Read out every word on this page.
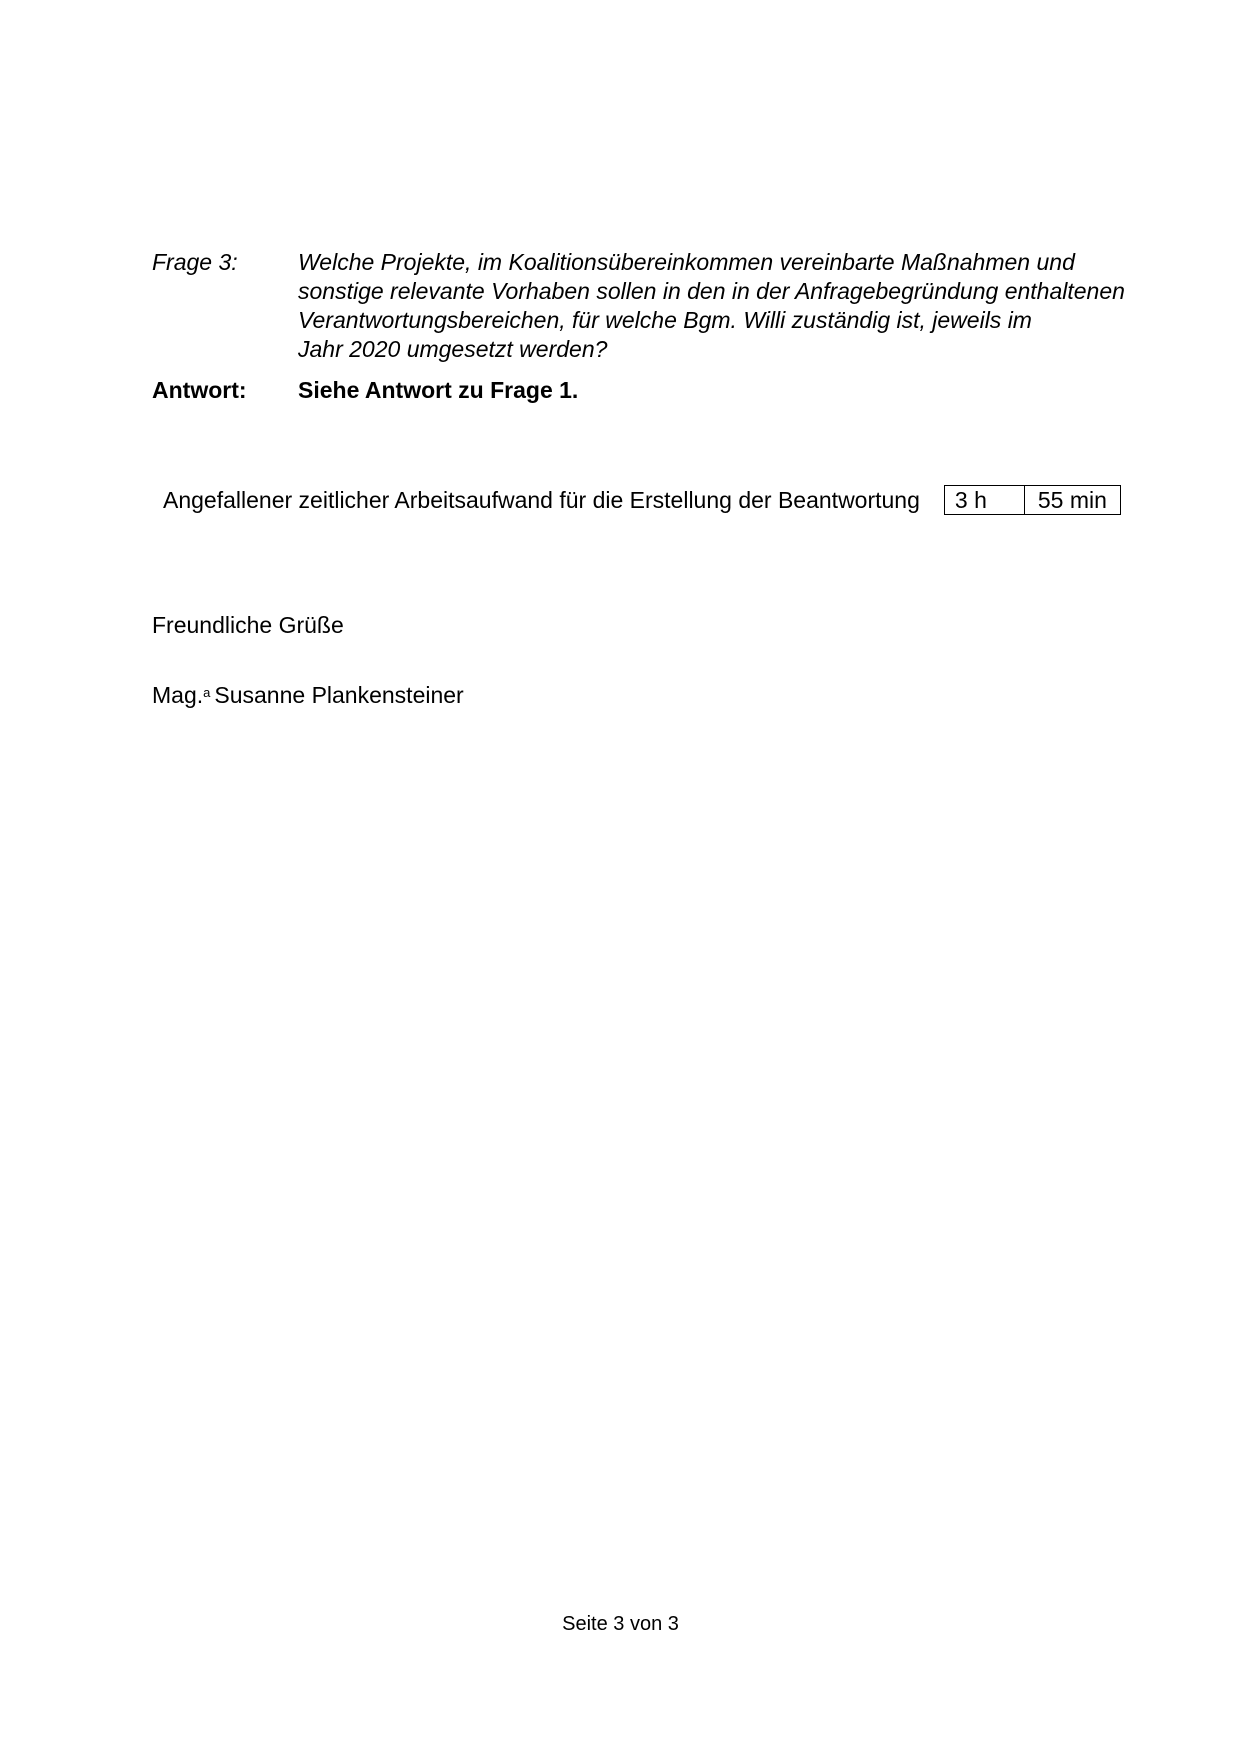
Frage 3:	Welche Projekte, im Koalitionsübereinkommen vereinbarte Maßnahmen und
sonstige relevante Vorhaben sollen in den in der Anfragebegründung enthaltenen
Verantwortungsbereichen, für welche Bgm. Willi zuständig ist, jeweils im
Jahr 2020 umgesetzt werden?
Antwort:	Siehe Antwort zu Frage 1.
Angefallener zeitlicher Arbeitsaufwand für die Erstellung der Beantwortung	3 h	55 min
Freundliche Grüße
Mag.$^a$ Susanne Plankensteiner
Seite 3 von 3
